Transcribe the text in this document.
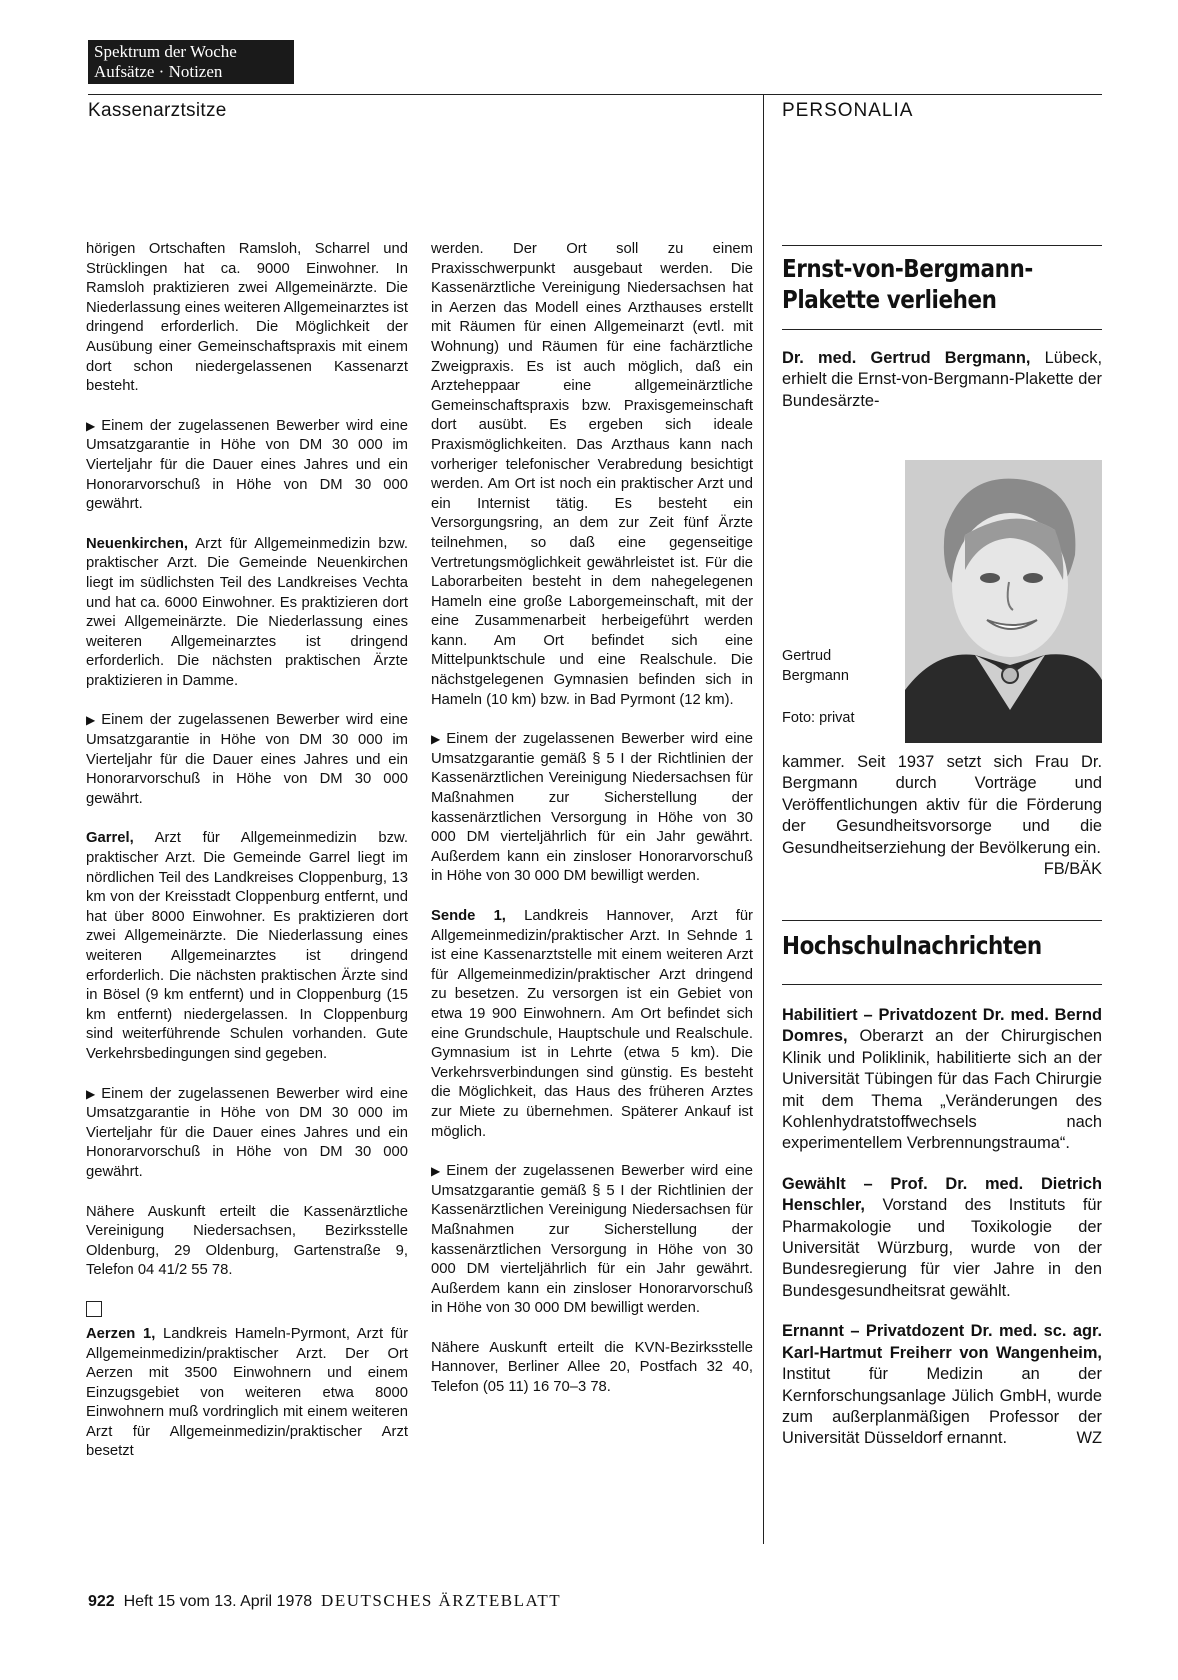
Spektrum der Woche
Aufsätze · Notizen
Kassenarztsitze	PERSONALIA

hörigen Ortschaften Ramsloh, Scharrel und Strücklingen hat ca. 9000 Einwohner. In Ramsloh praktizieren zwei Allgemeinärzte. Die Niederlassung eines weiteren Allgemeinarztes ist dringend erforderlich. Die Möglichkeit der Ausübung einer Gemeinschaftspraxis mit einem dort schon niedergelassenen Kassenarzt besteht.

▶ Einem der zugelassenen Bewerber wird eine Umsatzgarantie in Höhe von DM 30 000 im Vierteljahr für die Dauer eines Jahres und ein Honorarvorschuß in Höhe von DM 30 000 gewährt.

Neuenkirchen, Arzt für Allgemeinmedizin bzw. praktischer Arzt. Die Gemeinde Neuenkirchen liegt im südlichsten Teil des Landkreises Vechta und hat ca. 6000 Einwohner. Es praktizieren dort zwei Allgemeinärzte. Die Niederlassung eines weiteren Allgemeinarztes ist dringend erforderlich. Die nächsten praktischen Ärzte praktizieren in Damme.

▶ Einem der zugelassenen Bewerber wird eine Umsatzgarantie in Höhe von DM 30 000 im Vierteljahr für die Dauer eines Jahres und ein Honorarvorschuß in Höhe von DM 30 000 gewährt.

Garrel, Arzt für Allgemeinmedizin bzw. praktischer Arzt. Die Gemeinde Garrel liegt im nördlichen Teil des Landkreises Cloppenburg, 13 km von der Kreisstadt Cloppenburg entfernt, und hat über 8000 Einwohner. Es praktizieren dort zwei Allgemeinärzte. Die Niederlassung eines weiteren Allgemeinarztes ist dringend erforderlich. Die nächsten praktischen Ärzte sind in Bösel (9 km entfernt) und in Cloppenburg (15 km entfernt) niedergelassen. In Cloppenburg sind weiterführende Schulen vorhanden. Gute Verkehrsbedingungen sind gegeben.

▶ Einem der zugelassenen Bewerber wird eine Umsatzgarantie in Höhe von DM 30 000 im Vierteljahr für die Dauer eines Jahres und ein Honorarvorschuß in Höhe von DM 30 000 gewährt.

Nähere Auskunft erteilt die Kassenärztliche Vereinigung Niedersachsen, Bezirksstelle Oldenburg, 29 Oldenburg, Gartenstraße 9, Telefon 04 41/2 55 78.

Aerzen 1, Landkreis Hameln-Pyrmont, Arzt für Allgemeinmedizin/praktischer Arzt. Der Ort Aerzen mit 3500 Einwohnern und einem Einzugsgebiet von weiteren etwa 8000 Einwohnern muß vordringlich mit einem weiteren Arzt für Allgemeinmedizin/praktischer Arzt besetzt

werden. Der Ort soll zu einem Praxisschwerpunkt ausgebaut werden. Die Kassenärztliche Vereinigung Niedersachsen hat in Aerzen das Modell eines Arzthauses erstellt mit Räumen für einen Allgemeinarzt (evtl. mit Wohnung) und Räumen für eine fachärztliche Zweigpraxis. Es ist auch möglich, daß ein Arzteheppaar eine allgemeinärztliche Gemeinschaftspraxis bzw. Praxisgemeinschaft dort ausübt. Es ergeben sich ideale Praxismöglichkeiten. Das Arzthaus kann nach vorheriger telefonischer Verabredung besichtigt werden. Am Ort ist noch ein praktischer Arzt und ein Internist tätig. Es besteht ein Versorgungsring, an dem zur Zeit fünf Ärzte teilnehmen, so daß eine gegenseitige Vertretungsmöglichkeit gewährleistet ist. Für die Laborarbeiten besteht in dem nahegelegenen Hameln eine große Laborgemeinschaft, mit der eine Zusammenarbeit herbeigeführt werden kann. Am Ort befindet sich eine Mittelpunktschule und eine Realschule. Die nächstgelegenen Gymnasien befinden sich in Hameln (10 km) bzw. in Bad Pyrmont (12 km).

▶ Einem der zugelassenen Bewerber wird eine Umsatzgarantie gemäß § 5 I der Richtlinien der Kassenärztlichen Vereinigung Niedersachsen für Maßnahmen zur Sicherstellung der kassenärztlichen Versorgung in Höhe von 30 000 DM vierteljährlich für ein Jahr gewährt. Außerdem kann ein zinsloser Honorarvorschuß in Höhe von 30 000 DM bewilligt werden.

Sende 1, Landkreis Hannover, Arzt für Allgemeinmedizin/praktischer Arzt. In Sehnde 1 ist eine Kassenarztstelle mit einem weiteren Arzt für Allgemeinmedizin/praktischer Arzt dringend zu besetzen. Zu versorgen ist ein Gebiet von etwa 19 900 Einwohnern. Am Ort befindet sich eine Grundschule, Hauptschule und Realschule. Gymnasium ist in Lehrte (etwa 5 km). Die Verkehrsverbindungen sind günstig. Es besteht die Möglichkeit, das Haus des früheren Arztes zur Miete zu übernehmen. Späterer Ankauf ist möglich.

▶ Einem der zugelassenen Bewerber wird eine Umsatzgarantie gemäß § 5 I der Richtlinien der Kassenärztlichen Vereinigung Niedersachsen für Maßnahmen zur Sicherstellung der kassenärztlichen Versorgung in Höhe von 30 000 DM vierteljährlich für ein Jahr gewährt. Außerdem kann ein zinsloser Honorarvorschuß in Höhe von 30 000 DM bewilligt werden.

Nähere Auskunft erteilt die KVN-Bezirksstelle Hannover, Berliner Allee 20, Postfach 32 40, Telefon (05 11) 16 70–3 78.

Ernst-von-Bergmann-
Plakette verliehen

Dr. med. Gertrud Bergmann, Lübeck, erhielt die Ernst-von-Bergmann-Plakette der Bundesärzte-

Gertrud
Bergmann
Foto: privat

kammer. Seit 1937 setzt sich Frau Dr. Bergmann durch Vorträge und Veröffentlichungen aktiv für die Förderung der Gesundheitsvorsorge und die Gesundheitserziehung der Bevölkerung ein.
FB/BÄK

Hochschulnachrichten

Habilitiert – Privatdozent Dr. med. Bernd Domres, Oberarzt an der Chirurgischen Klinik und Poliklinik, habilitierte sich an der Universität Tübingen für das Fach Chirurgie mit dem Thema „Veränderungen des Kohlenhydratstoffwechsels nach experimentellem Verbrennungstrauma“.

Gewählt – Prof. Dr. med. Dietrich Henschler, Vorstand des Instituts für Pharmakologie und Toxikologie der Universität Würzburg, wurde von der Bundesregierung für vier Jahre in den Bundesgesundheitsrat gewählt.

Ernannt – Privatdozent Dr. med. sc. agr. Karl-Hartmut Freiherr von Wangenheim, Institut für Medizin an der Kernforschungsanlage Jülich GmbH, wurde zum außerplanmäßigen Professor der Universität Düsseldorf ernannt.	WZ

922 Heft 15 vom 13. April 1978 DEUTSCHES ÄRZTEBLATT
